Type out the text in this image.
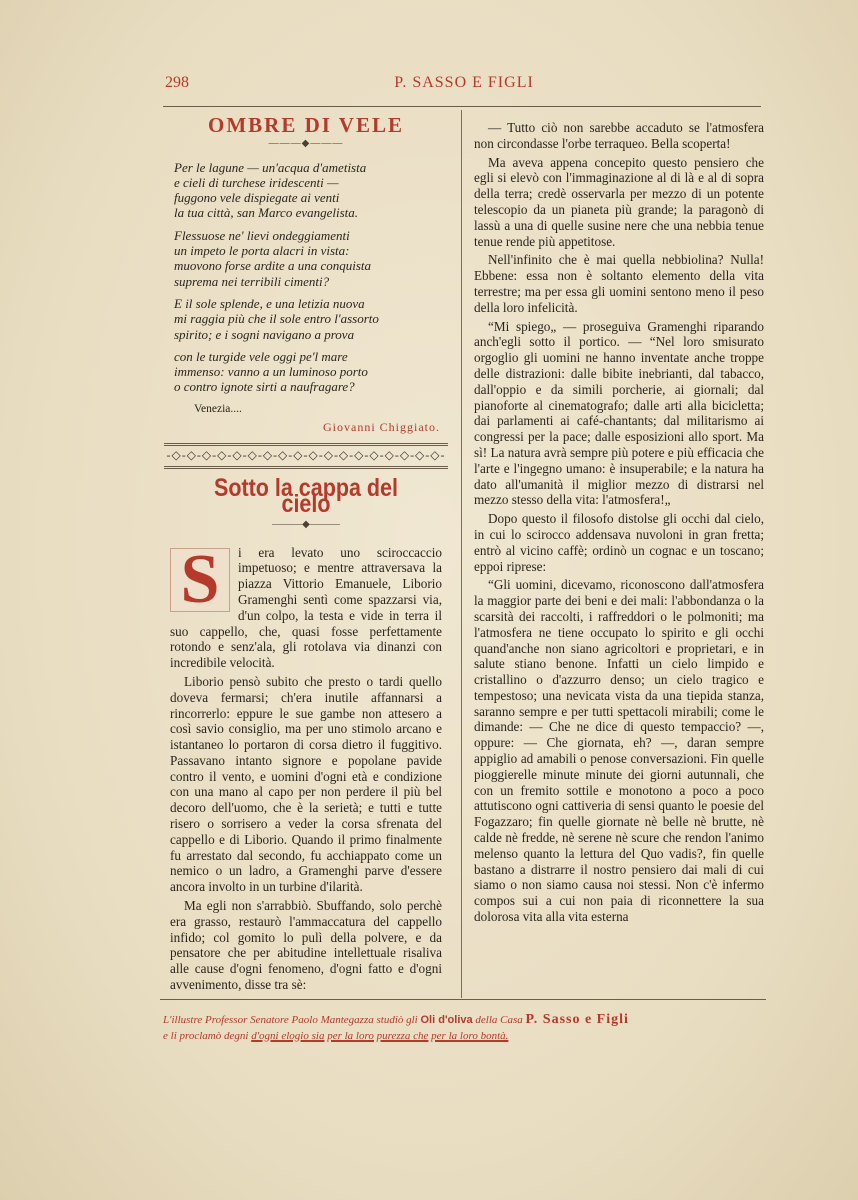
298	P. SASSO E FIGLI
OMBRE DI VELE
———◆———
Per le lagune — un'acqua d'ametista
e cieli di turchese iridescenti —
fuggono vele dispiegate ai venti
la tua città, san Marco evangelista.
Flessuose ne' lievi ondeggiamenti
un impeto le porta alacri in vista:
muovono forse ardite a una conquista
suprema nei terribili cimenti?
E il sole splende, e una letizia nuova
mi raggia più che il sole entro l'assorto
spirito; e i sogni navigano a prova
con le turgide vele oggi pe'l mare
immenso: vanno a un luminoso porto
o contro ignote sirti a naufragare?
Venezia....
Giovanni Chiggiato.
-◇-◇-◇-◇-◇-◇-◇-◇-◇-◇-◇-◇-◇-◇-◇-◇-◇-◇-
Sotto la cappa del cielo
———◆———

S	i era levato uno sciroccaccio impetuoso; e mentre attraversava la piazza Vittorio Emanuele, Liborio Gramenghi sentì come spazzarsi via, d'un colpo, la testa e vide in terra il suo cappello, che, quasi fosse perfettamente rotondo e senz'ala, gli rotolava via dinanzi con incredibile velocità.

Liborio pensò subito che presto o tardi quello doveva fermarsi; ch'era inutile affannarsi a rincorrerlo: eppure le sue gambe non attesero a così savio consiglio, ma per uno stimolo arcano e istantaneo lo portaron di corsa dietro il fuggitivo. Passavano intanto signore e popolane pavide contro il vento, e uomini d'ogni età e condizione con una mano al capo per non perdere il più bel decoro dell'uomo, che è la serietà; e tutti e tutte risero o sorrisero a veder la corsa sfrenata del cappello e di Liborio. Quando il primo finalmente fu arrestato dal secondo, fu acchiappato come un nemico o un ladro, a Gramenghi parve d'essere ancora involto in un turbine d'ilarità.

Ma egli non s'arrabbiò. Sbuffando, solo perchè era grasso, restaurò l'ammaccatura del cappello infido; col gomito lo pulì della polvere, e da pensatore che per abitudine intellettuale risaliva alle cause d'ogni fenomeno, d'ogni fatto e d'ogni avvenimento, disse tra sè:

— Tutto ciò non sarebbe accaduto se l'atmosfera non circondasse l'orbe terraqueo. Bella scoperta!

Ma aveva appena concepito questo pensiero che egli si elevò con l'immaginazione al di là e al di sopra della terra; credè osservarla per mezzo di un potente telescopio da un pianeta più grande; la paragonò di lassù a una di quelle susine nere che una nebbia tenue tenue rende più appetitose.

Nell'infinito che è mai quella nebbiolina? Nulla! Ebbene: essa non è soltanto elemento della vita terrestre; ma per essa gli uomini sentono meno il peso della loro infelicità.

“Mi spiego„ — proseguiva Gramenghi riparando anch'egli sotto il portico. — “Nel loro smisurato orgoglio gli uomini ne hanno inventate anche troppe delle distrazioni: dalle bibite inebrianti, dal tabacco, dall'oppio e da simili porcherie, ai giornali; dal pianoforte al cinematografo; dalle arti alla bicicletta; dai parlamenti ai café-chantants; dal militarismo ai congressi per la pace; dalle esposizioni allo sport. Ma sì! La natura avrà sempre più potere e più efficacia che l'arte e l'ingegno umano: è insuperabile; e la natura ha dato all'umanità il miglior mezzo di distrarsi nel mezzo stesso della vita: l'atmosfera!„

Dopo questo il filosofo distolse gli occhi dal cielo, in cui lo scirocco addensava nuvoloni in gran fretta; entrò al vicino caffè; ordinò un cognac e un toscano; eppoi riprese:

“Gli uomini, dicevamo, riconoscono dall'atmosfera la maggior parte dei beni e dei mali: l'abbondanza o la scarsità dei raccolti, i raffreddori o le polmoniti; ma l'atmosfera ne tiene occupato lo spirito e gli occhi quand'anche non siano agricoltori e proprietari, e in salute stiano benone. Infatti un cielo limpido e cristallino o d'azzurro denso; un cielo tragico e tempestoso; una nevicata vista da una tiepida stanza, saranno sempre e per tutti spettacoli mirabili; come le dimande: — Che ne dice di questo tempaccio? —, oppure: — Che giornata, eh? —, daran sempre appiglio ad amabili o penose conversazioni. Fin quelle pioggierelle minute minute dei giorni autunnali, che con un fremito sottile e monotono a poco a poco attutiscono ogni cattiveria di sensi quanto le poesie del Fogazzaro; fin quelle giornate nè belle nè brutte, nè calde nè fredde, nè serene nè scure che rendon l'animo melenso quanto la lettura del Quo vadis?, fin quelle bastano a distrarre il nostro pensiero dai mali di cui siamo o non siamo causa noi stessi. Non c'è infermo compos sui a cui non paia di riconnettere la sua dolorosa vita alla vita esterna

L'illustre Professor Senatore Paolo Mantegazza studiò gli Oli d'oliva della Casa P. Sasso e Figli
e li proclamò degni d'ogni elogio sia per la loro purezza che per la loro bontà.
